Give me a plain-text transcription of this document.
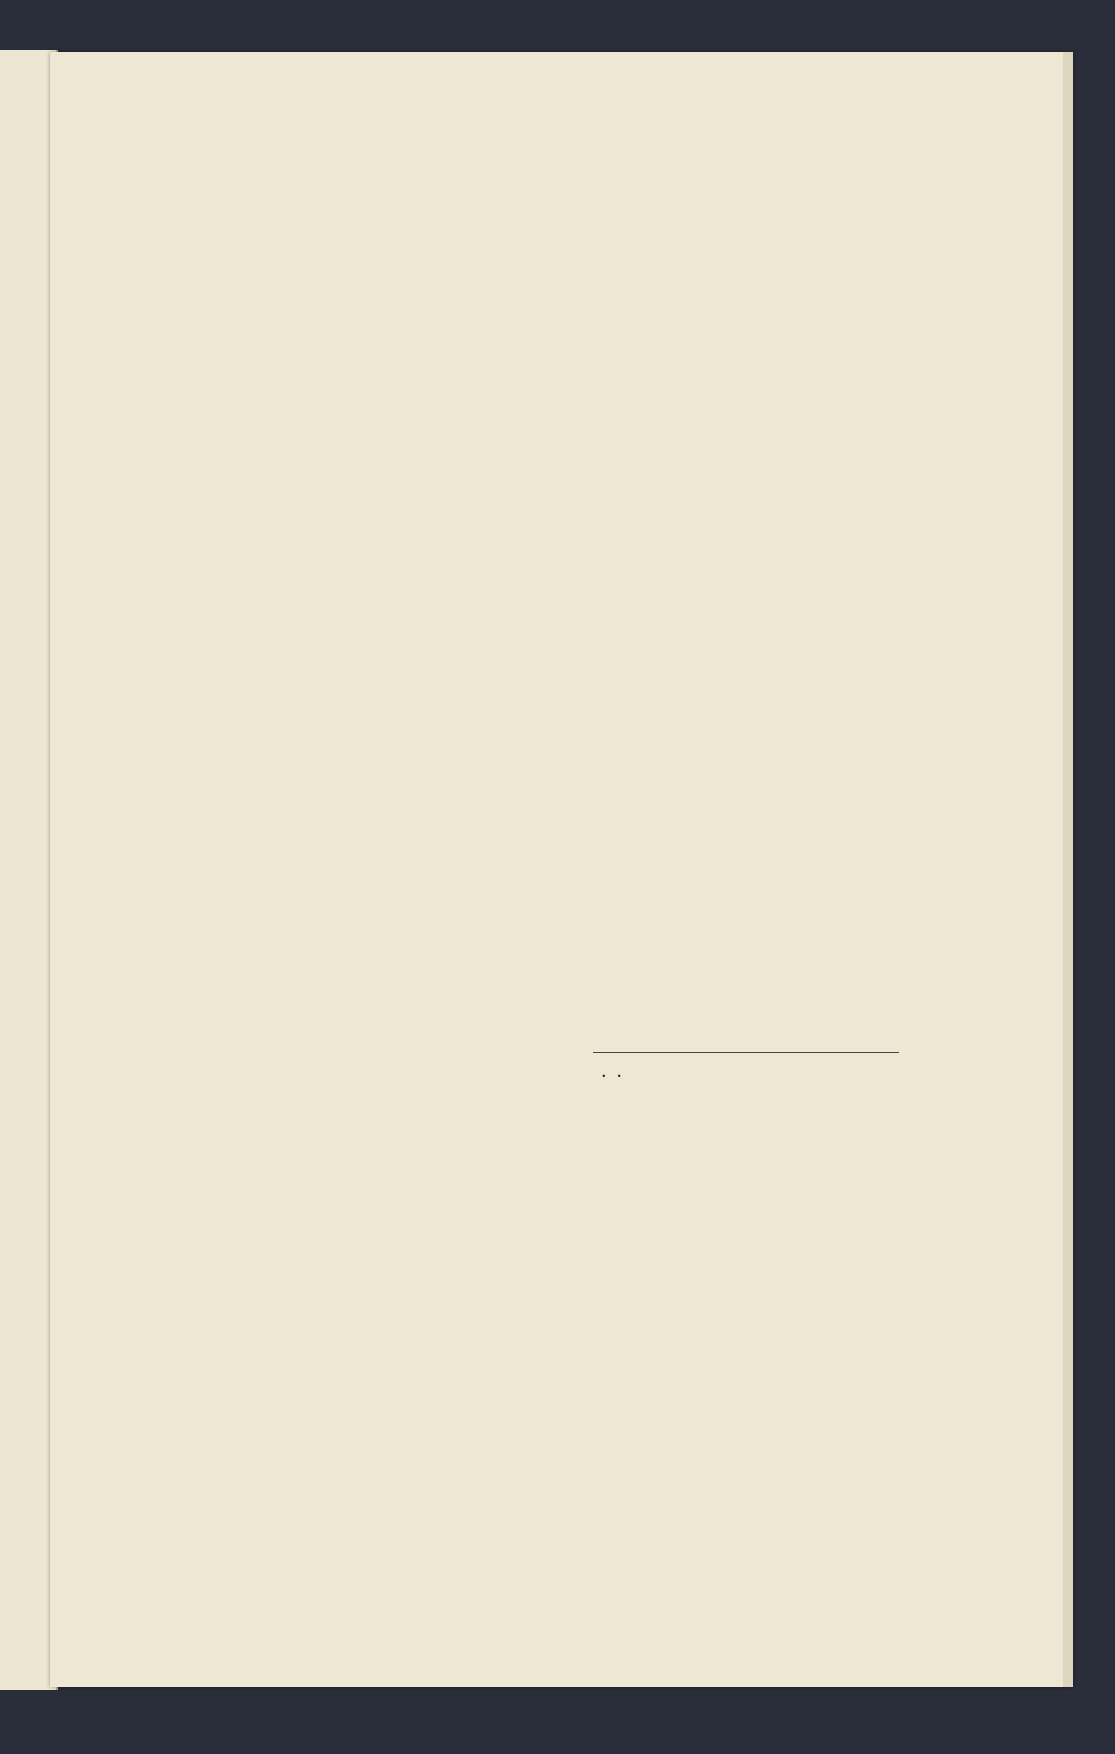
.  .
